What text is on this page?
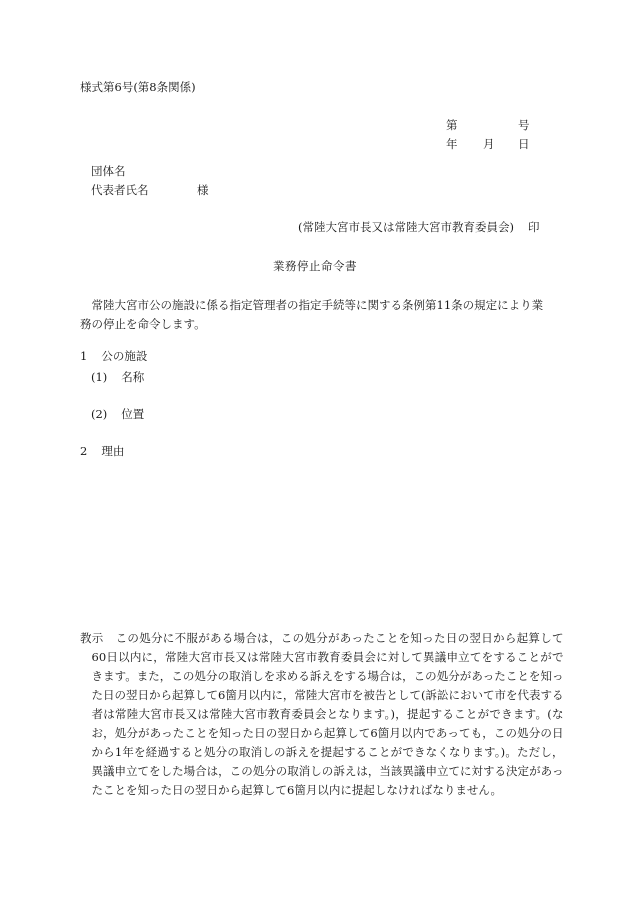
様式第6号(第8条関係)
第	号
年 月 日
団体名
代表者氏名	様
(常陸大宮市長又は常陸大宮市教育委員会) 印
業務停止命令書
常陸大宮市公の施設に係る指定管理者の指定手続等に関する条例第11条の規定により業務の停止を命令します。
1 公の施設
(1) 名称
(2) 位置
2 理由
教示 この処分に不服がある場合は，この処分があったことを知った日の翌日から起算して60日以内に，常陸大宮市長又は常陸大宮市教育委員会に対して異議申立てをすることができます。また，この処分の取消しを求める訴えをする場合は，この処分があったことを知った日の翌日から起算して6箇月以内に，常陸大宮市を被告として(訴訟において市を代表する者は常陸大宮市長又は常陸大宮市教育委員会となります。)，提起することができます。(なお，処分があったことを知った日の翌日から起算して6箇月以内であっても，この処分の日から1年を経過すると処分の取消しの訴えを提起することができなくなります。)。ただし，異議申立てをした場合は，この処分の取消しの訴えは，当該異議申立てに対する決定があったことを知った日の翌日から起算して6箇月以内に提起しなければなりません。
